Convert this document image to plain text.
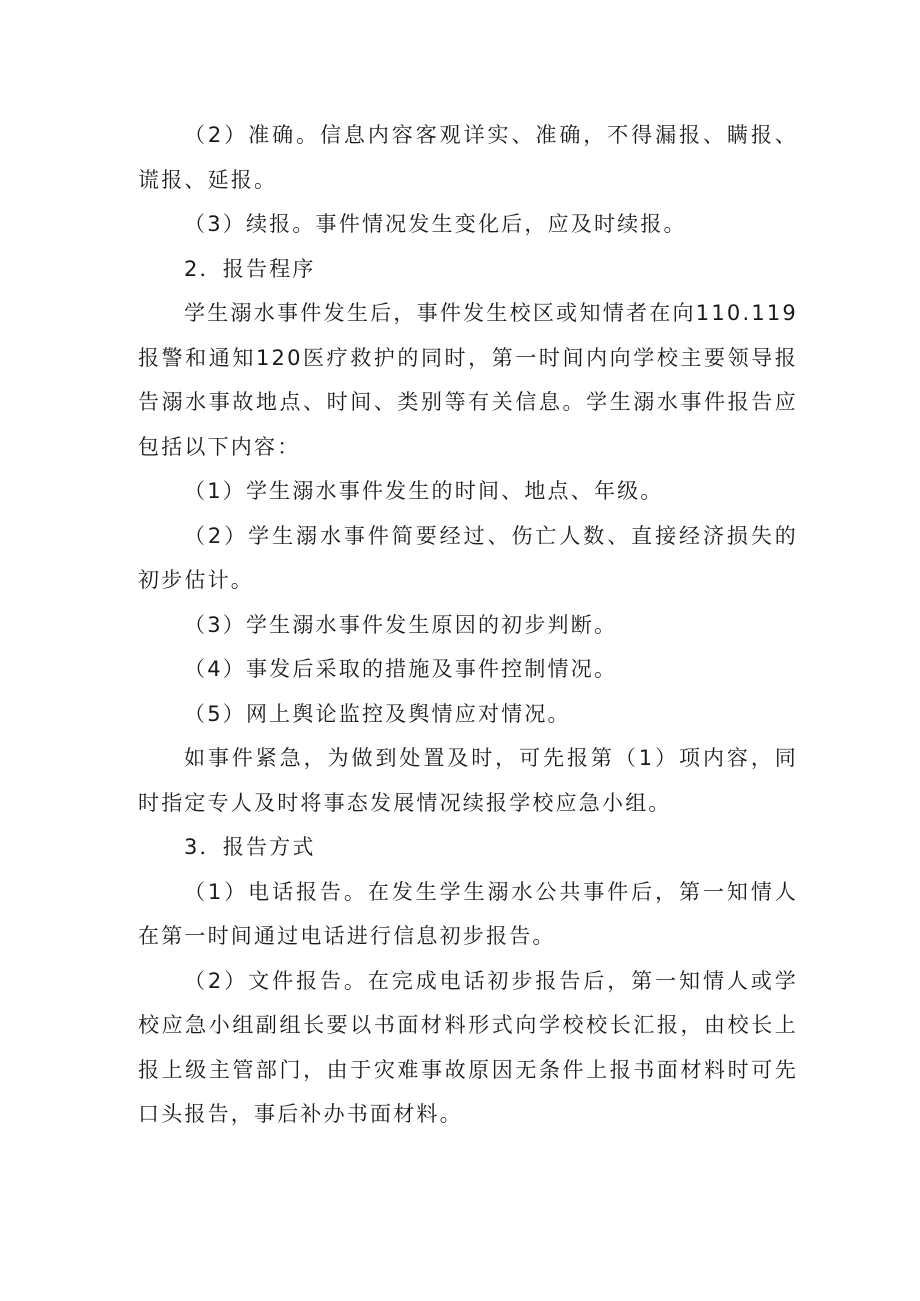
（2）准确。信息内容客观详实、准确，不得漏报、瞒报、谎报、延报。

（3）续报。事件情况发生变化后，应及时续报。

2．报告程序

学生溺水事件发生后，事件发生校区或知情者在向110.119报警和通知120医疗救护的同时，第一时间内向学校主要领导报告溺水事故地点、时间、类别等有关信息。学生溺水事件报告应包括以下内容：

（1）学生溺水事件发生的时间、地点、年级。

（2）学生溺水事件简要经过、伤亡人数、直接经济损失的初步估计。

（3）学生溺水事件发生原因的初步判断。

（4）事发后采取的措施及事件控制情况。

（5）网上舆论监控及舆情应对情况。

如事件紧急，为做到处置及时，可先报第（1）项内容，同时指定专人及时将事态发展情况续报学校应急小组。

3．报告方式

（1）电话报告。在发生学生溺水公共事件后，第一知情人在第一时间通过电话进行信息初步报告。

（2）文件报告。在完成电话初步报告后，第一知情人或学校应急小组副组长要以书面材料形式向学校校长汇报，由校长上报上级主管部门，由于灾难事故原因无条件上报书面材料时可先口头报告，事后补办书面材料。
